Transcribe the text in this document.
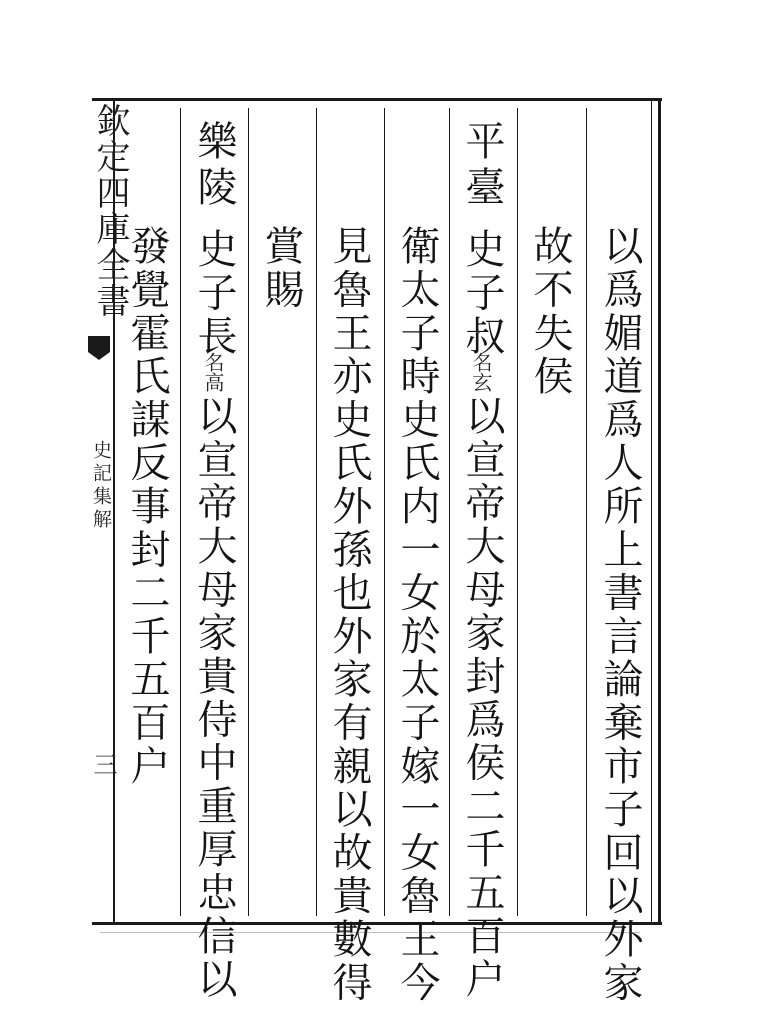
欽定四庫全書
史記集解
三	以爲媚道爲人所上書言論棄市子回以外家
故不失侯
平臺
史子叔
名玄
以宣帝大母家封爲侯二千五百户
衛太子時史氏内一女於太子嫁一女魯王今
見魯王亦史氏外孫也外家有親以故貴數得
賞賜
樂陵
史子長
名高
以宣帝大母家貴侍中重厚忠信以
發覺霍氏謀反事封二千五百户
